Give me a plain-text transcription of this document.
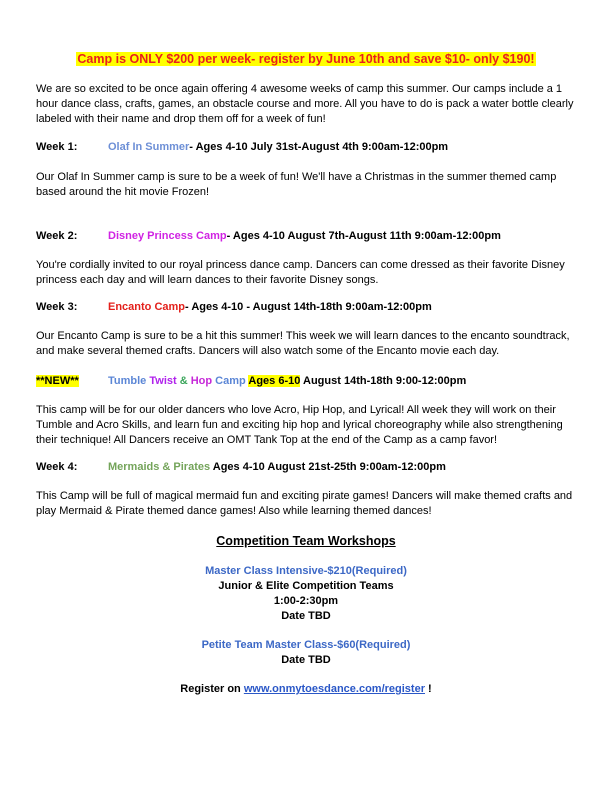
Camp is ONLY $200 per week- register by June 10th and save $10- only $190!
We are so excited to be once again offering 4 awesome weeks of camp this summer. Our camps include a 1 hour dance class, crafts, games, an obstacle course and more. All you have to do is pack a water bottle clearly labeled with their name and drop them off for a week of fun!
Week 1:	Olaf In Summer- Ages 4-10 July 31st-August 4th 9:00am-12:00pm
Our Olaf In Summer camp is sure to be a week of fun! We'll have a Christmas in the summer themed camp based around the hit movie Frozen!
Week 2:	Disney Princess Camp- Ages 4-10 August 7th-August 11th 9:00am-12:00pm
You're cordially invited to our royal princess dance camp. Dancers can come dressed as their favorite Disney princess each day and will learn dances to their favorite Disney songs.
Week 3:	Encanto Camp- Ages 4-10 - August 14th-18th 9:00am-12:00pm
Our Encanto Camp is sure to be a hit this summer! This week we will learn dances to the encanto soundtrack, and make several themed crafts. Dancers will also watch some of the Encanto movie each day.
**NEW**	Tumble Twist & Hop Camp Ages 6-10 August 14th-18th 9:00-12:00pm
This camp will be for our older dancers who love Acro, Hip Hop, and Lyrical! All week they will work on their Tumble and Acro Skills, and learn fun and exciting hip hop and lyrical choreography while also strengthening their technique! All Dancers receive an OMT Tank Top at the end of the Camp as a camp favor!
Week 4:	Mermaids & Pirates Ages 4-10 August 21st-25th 9:00am-12:00pm
This Camp will be full of magical mermaid fun and exciting pirate games! Dancers will make themed crafts and play Mermaid & Pirate themed dance games! Also while learning themed dances!
Competition Team Workshops
Master Class Intensive-$210(Required)
Junior & Elite Competition Teams
1:00-2:30pm
Date TBD
Petite Team Master Class-$60(Required)
Date TBD
Register on www.onmytoesdance.com/register !
